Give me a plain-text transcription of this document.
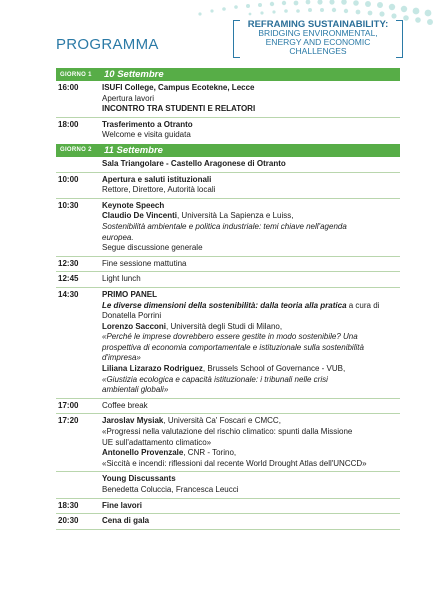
PROGRAMMA
REFRAMING SUSTAINABILITY:
BRIDGING ENVIRONMENTAL,
ENERGY AND ECONOMIC CHALLENGES
GIORNO 1	10 Settembre
16:00	ISUFI College, Campus Ecotekne, Lecce
Apertura lavori
INCONTRO TRA STUDENTI E RELATORI
18:00	Trasferimento a Otranto
Welcome e visita guidata
GIORNO 2	11 Settembre
Sala Triangolare - Castello Aragonese di Otranto
10:00	Apertura e saluti istituzionali
Rettore, Direttore, Autorità locali
10:30	Keynote Speech
Claudio De Vincenti, Università La Sapienza e Luiss,
Sostenibilità ambientale e politica industriale: temi chiave nell'agenda
europea.
Segue discussione generale
12:30	Fine sessione mattutina
12:45	Light lunch
14:30	PRIMO PANEL
Le diverse dimensioni della sostenibilità: dalla teoria alla pratica a cura di
Donatella Porrini
Lorenzo Sacconi, Università degli Studi di Milano,
«Perché le imprese dovrebbero essere gestite in modo sostenibile? Una
prospettiva di economia comportamentale e istituzionale sulla sostenibilità
d'impresa»
Liliana Lizarazo Rodriguez, Brussels School of Governance - VUB,
«Giustizia ecologica e capacità istituzionale: i tribunali nelle crisi
ambientali globali»
17:00	Coffee break
17:20	Jaroslav Mysiak, Università Ca' Foscari e CMCC,
«Progressi nella valutazione del rischio climatico: spunti dalla Missione
UE sull'adattamento climatico»
Antonello Provenzale, CNR - Torino,
«Siccità e incendi: riflessioni dal recente World Drought Atlas dell'UNCCD»
Young Discussants
Benedetta Coluccia, Francesca Leucci
18:30	Fine lavori
20:30	Cena di gala
